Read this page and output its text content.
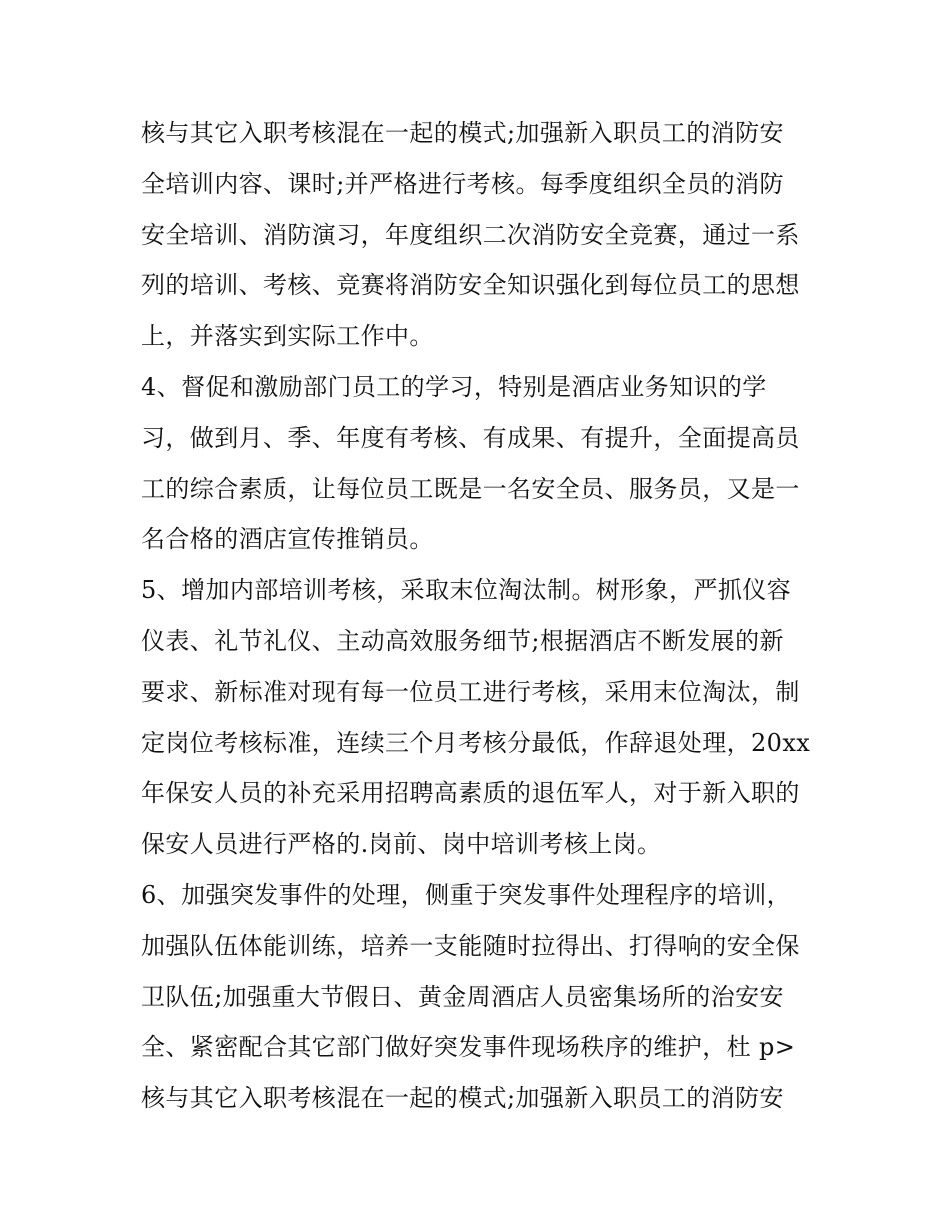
核与其它入职考核混在一起的模式;加强新入职员工的消防安
全培训内容、课时;并严格进行考核。每季度组织全员的消防
安全培训、消防演习，年度组织二次消防安全竞赛，通过一系
列的培训、考核、竞赛将消防安全知识强化到每位员工的思想
上，并落实到实际工作中。
4、督促和激励部门员工的学习，特别是酒店业务知识的学
习，做到月、季、年度有考核、有成果、有提升，全面提高员
工的综合素质，让每位员工既是一名安全员、服务员，又是一
名合格的酒店宣传推销员。
5、增加内部培训考核，采取末位淘汰制。树形象，严抓仪容
仪表、礼节礼仪、主动高效服务细节;根据酒店不断发展的新
要求、新标准对现有每一位员工进行考核，采用末位淘汰，制
定岗位考核标准，连续三个月考核分最低，作辞退处理，20xx
年保安人员的补充采用招聘高素质的退伍军人，对于新入职的
保安人员进行严格的.岗前、岗中培训考核上岗。
6、加强突发事件的处理，侧重于突发事件处理程序的培训，
加强队伍体能训练，培养一支能随时拉得出、打得响的安全保
卫队伍;加强重大节假日、黄金周酒店人员密集场所的治安安
全、紧密配合其它部门做好突发事件现场秩序的维护，杜 p>
核与其它入职考核混在一起的模式;加强新入职员工的消防安
